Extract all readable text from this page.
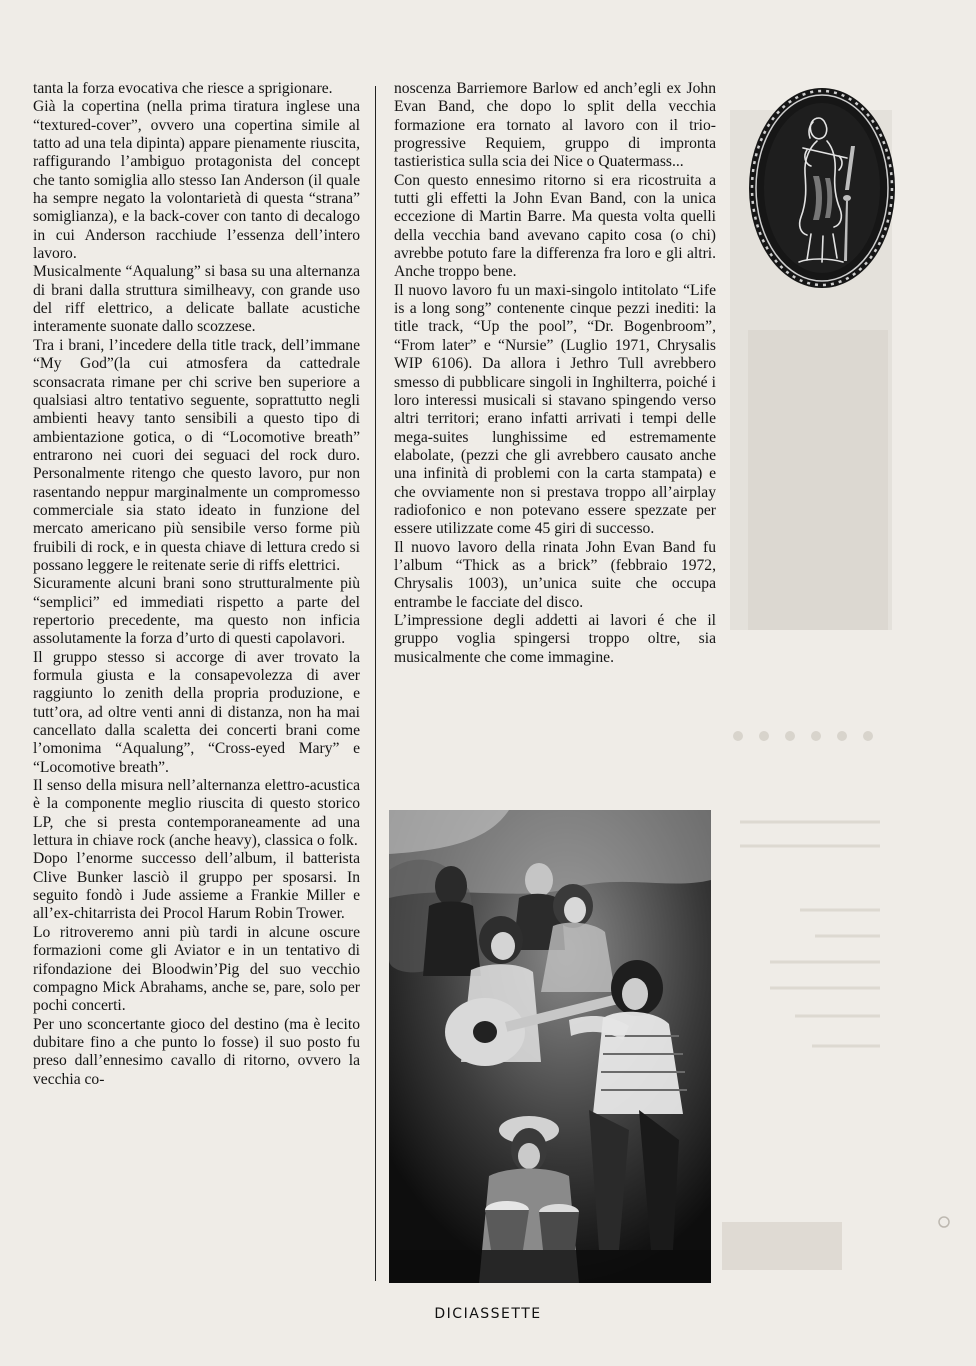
tanta la forza evocativa che riesce a sprigionare.

Già la copertina (nella prima tiratura inglese una “textured-cover”, ovvero una copertina simile al tatto ad una tela dipinta) appare pienamente riuscita, raffigurando l’ambiguo protagonista del concept che tanto somiglia allo stesso Ian Anderson (il quale ha sempre negato la volontarietà di questa “strana” somiglianza), e la back-cover con tanto di decalogo in cui Anderson racchiude l’essenza dell’intero lavoro.

Musicalmente “Aqualung” si basa su una alternanza di brani dalla struttura similheavy, con grande uso del riff elettrico, a delicate ballate acustiche interamente suonate dallo scozzese.

Tra i brani, l’incedere della title track, dell’immane “My God”(la cui atmosfera da cattedrale sconsacrata rimane per chi scrive ben superiore a qualsiasi altro tentativo seguente, soprattutto negli ambienti heavy tanto sensibili a questo tipo di ambientazione gotica, o di “Locomotive breath” entrarono nei cuori dei seguaci del rock duro. Personalmente ritengo che questo lavoro, pur non rasentando neppur marginalmente un compromesso commerciale sia stato ideato in funzione del mercato americano più sensibile verso forme più fruibili di rock, e in questa chiave di lettura credo si possano leggere le reitenate serie di riffs elettrici.

Sicuramente alcuni brani sono strutturalmente più “semplici” ed immediati rispetto a parte del repertorio precedente, ma questo non inficia assolutamente la forza d’urto di questi capolavori.

Il gruppo stesso si accorge di aver trovato la formula giusta e la consapevolezza di aver raggiunto lo zenith della propria produzione, e tutt’ora, ad oltre venti anni di distanza, non ha mai cancellato dalla scaletta dei concerti brani come l’omonima “Aqualung”, “Cross-eyed Mary” e “Locomotive breath”.

Il senso della misura nell’alternanza elettro-acustica è la componente meglio riuscita di questo storico LP, che si presta contemporaneamente ad una lettura in chiave rock (anche heavy), classica o folk.

Dopo l’enorme successo dell’album, il batterista Clive Bunker lasciò il gruppo per sposarsi. In seguito fondò i Jude assieme a Frankie Miller e all’ex-chitarrista dei Procol Harum Robin Trower.

Lo ritroveremo anni più tardi in alcune oscure formazioni come gli Aviator e in un tentativo di rifondazione dei Bloodwin’Pig del suo vecchio compagno Mick Abrahams, anche se, pare, solo per pochi concerti.

Per uno sconcertante gioco del destino (ma è lecito dubitare fino a che punto lo fosse) il suo posto fu preso dall’ennesimo cavallo di ritorno, ovvero la vecchia co-

noscenza Barriemore Barlow ed anch’egli ex John Evan Band, che dopo lo split della vecchia formazione era tornato al lavoro con il trio-progressive Requiem, gruppo di impronta tastieristica sulla scia dei Nice o Quatermass...

Con questo ennesimo ritorno si era ricostruita a tutti gli effetti la John Evan Band, con la unica eccezione di Martin Barre. Ma questa volta quelli della vecchia band avevano capito cosa (o chi) avrebbe potuto fare la differenza fra loro e gli altri. Anche troppo bene.

Il nuovo lavoro fu un maxi-singolo intitolato “Life is a long song” contenente cinque pezzi inediti: la title track, “Up the pool”, “Dr. Bogenbroom”, “From later” e “Nursie” (Luglio 1971, Chrysalis WIP 6106). Da allora i Jethro Tull avrebbero smesso di pubblicare singoli in Inghilterra, poiché i loro interessi musicali si stavano spingendo verso altri territori; erano infatti arrivati i tempi delle mega-suites lunghissime ed estremamente elabolate, (pezzi che gli avrebbero causato anche una infinità di problemi con la carta stampata) e che ovviamente non si prestava troppo all’airplay radiofonico e non potevano essere spezzate per essere utilizzate come 45 giri di successo.

Il nuovo lavoro della rinata John Evan Band fu l’album “Thick as a brick” (febbraio 1972, Chrysalis 1003), un’unica suite che occupa entrambe le facciate del disco.

L’impressione degli addetti ai lavori é che il gruppo voglia spingersi troppo oltre, sia musicalmente che come immagine.

DICIASSETTE
